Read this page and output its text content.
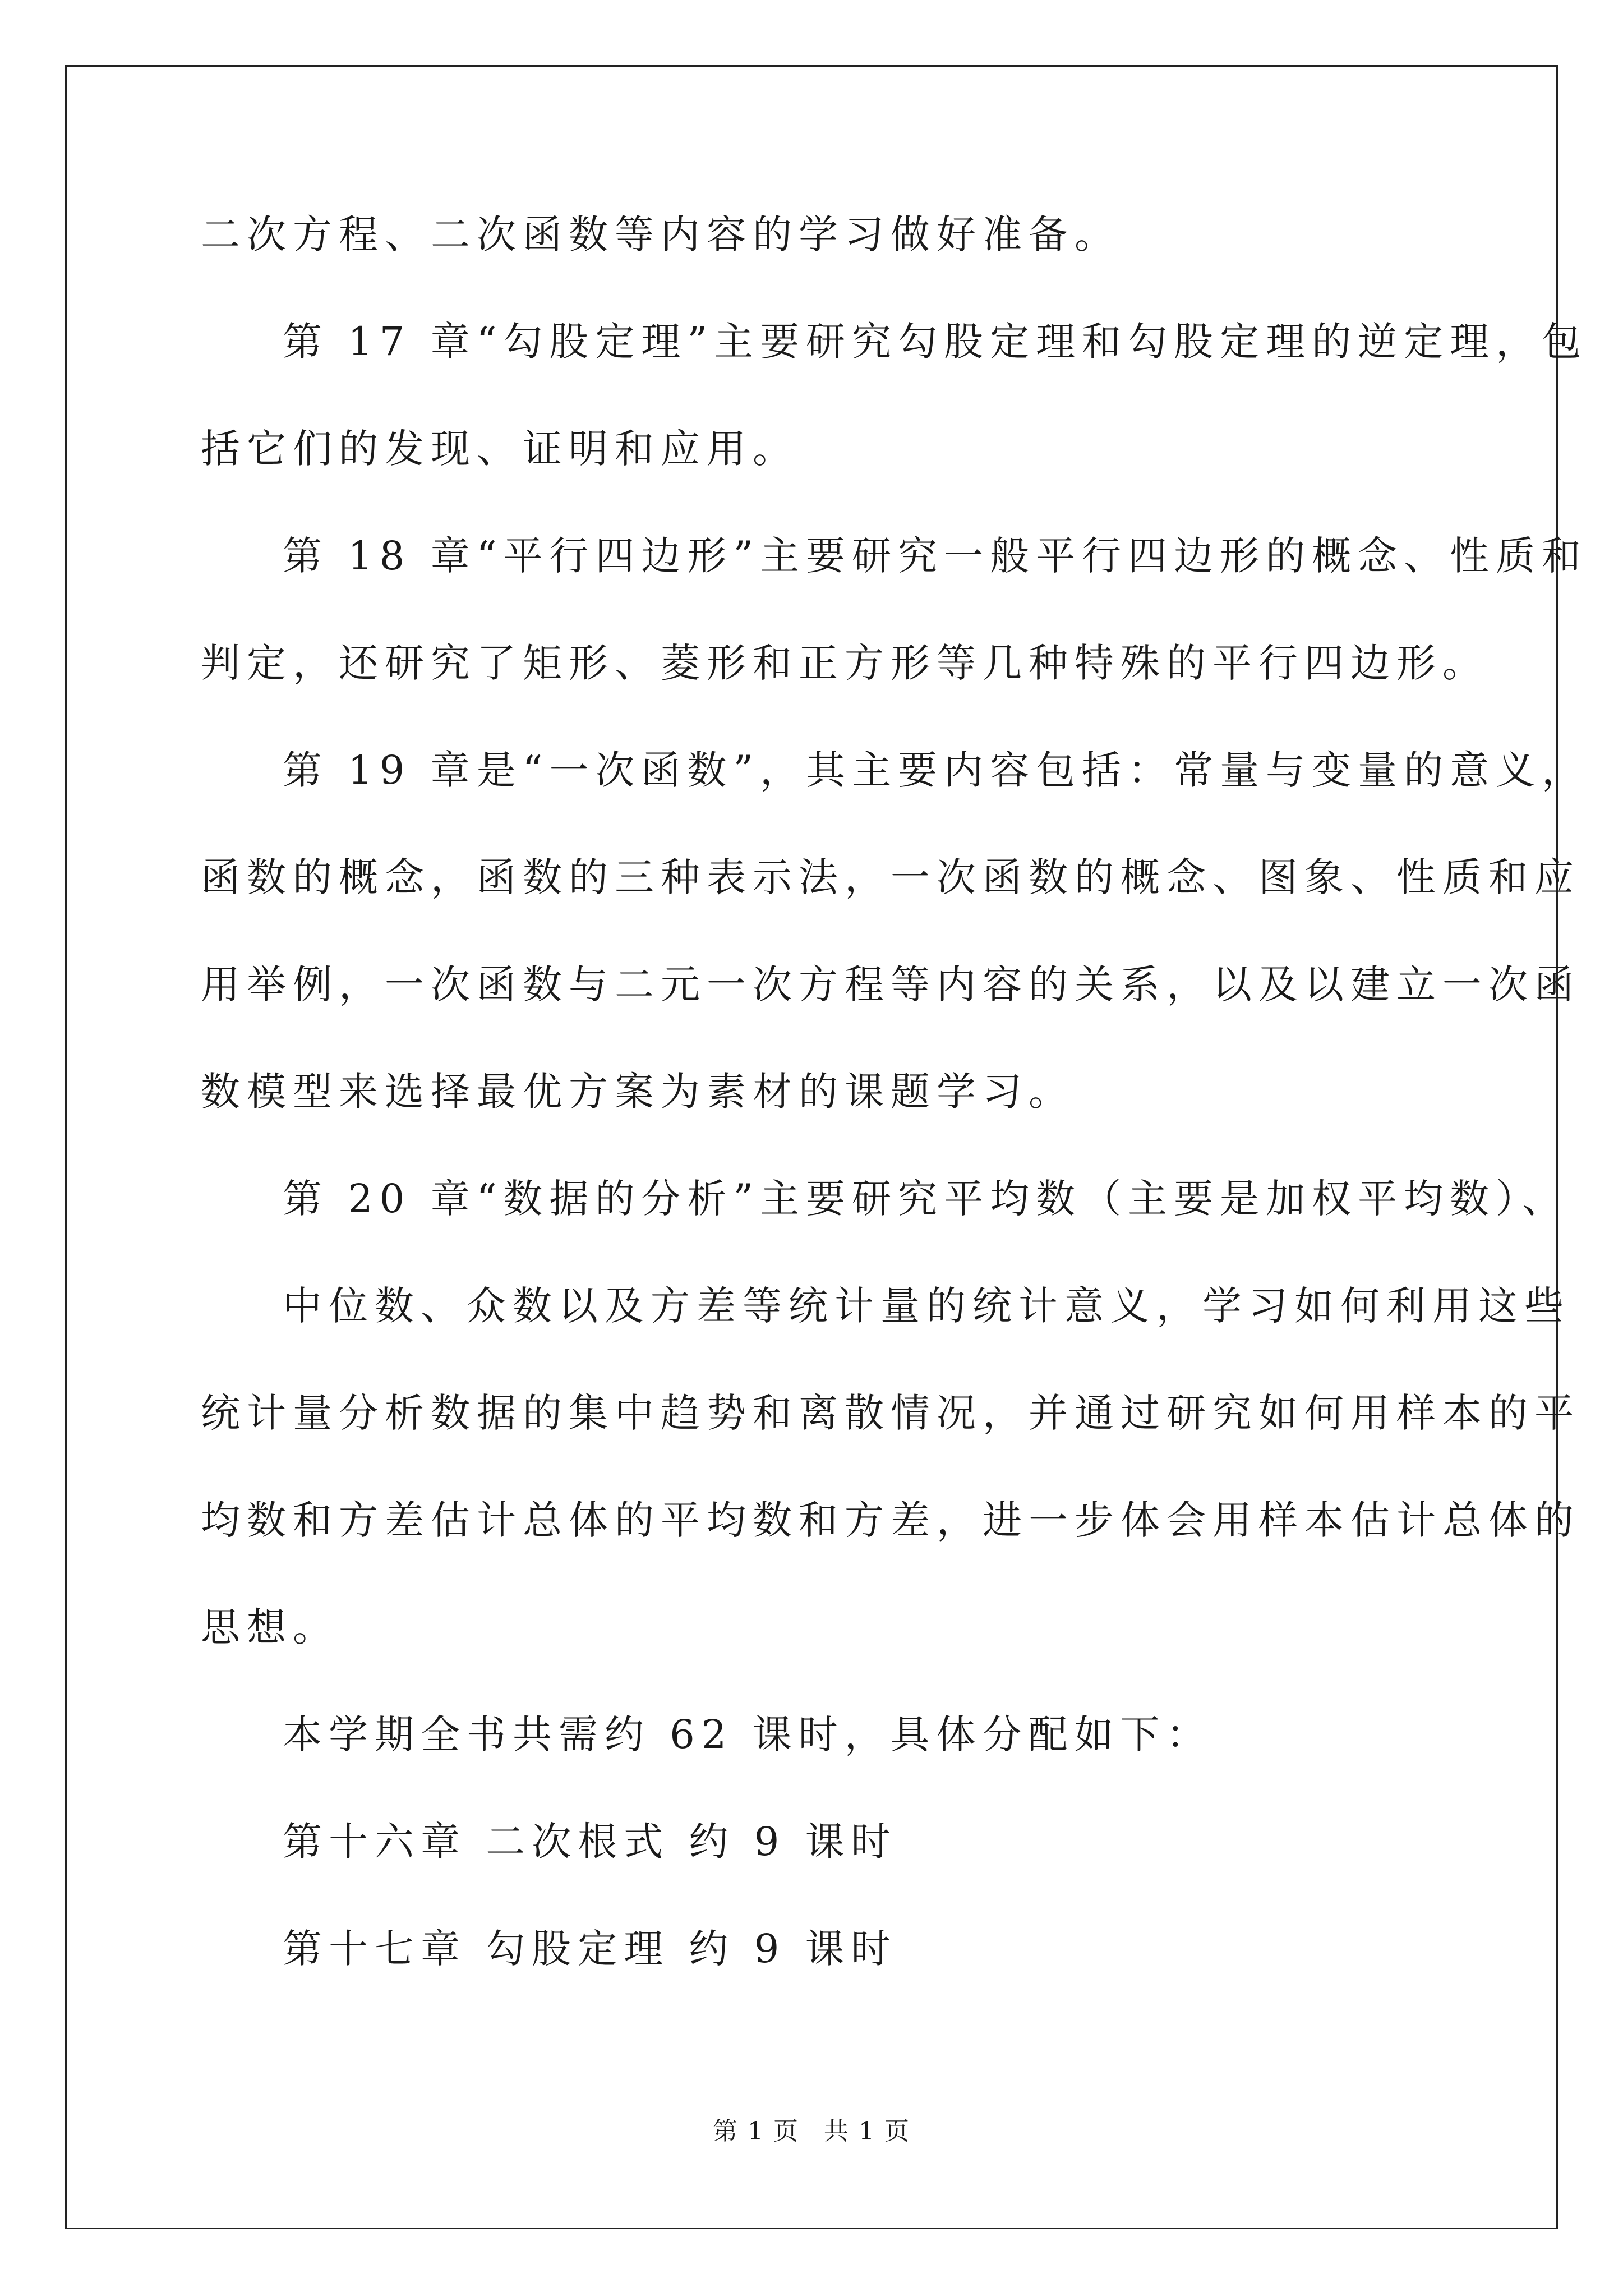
二次方程、二次函数等内容的学习做好准备。
第 17 章“勾股定理”主要研究勾股定理和勾股定理的逆定理，包
括它们的发现、证明和应用。
第 18 章“平行四边形”主要研究一般平行四边形的概念、性质和
判定，还研究了矩形、菱形和正方形等几种特殊的平行四边形。
第 19 章是“一次函数”，其主要内容包括：常量与变量的意义，
函数的概念，函数的三种表示法，一次函数的概念、图象、性质和应
用举例，一次函数与二元一次方程等内容的关系，以及以建立一次函
数模型来选择最优方案为素材的课题学习。
第 20 章“数据的分析”主要研究平均数（主要是加权平均数）、
中位数、众数以及方差等统计量的统计意义，学习如何利用这些
统计量分析数据的集中趋势和离散情况，并通过研究如何用样本的平
均数和方差估计总体的平均数和方差，进一步体会用样本估计总体的
思想。
本学期全书共需约 62 课时，具体分配如下：
第十六章 二次根式 约 9 课时
第十七章 勾股定理 约 9 课时
第 1 页 共 1 页
